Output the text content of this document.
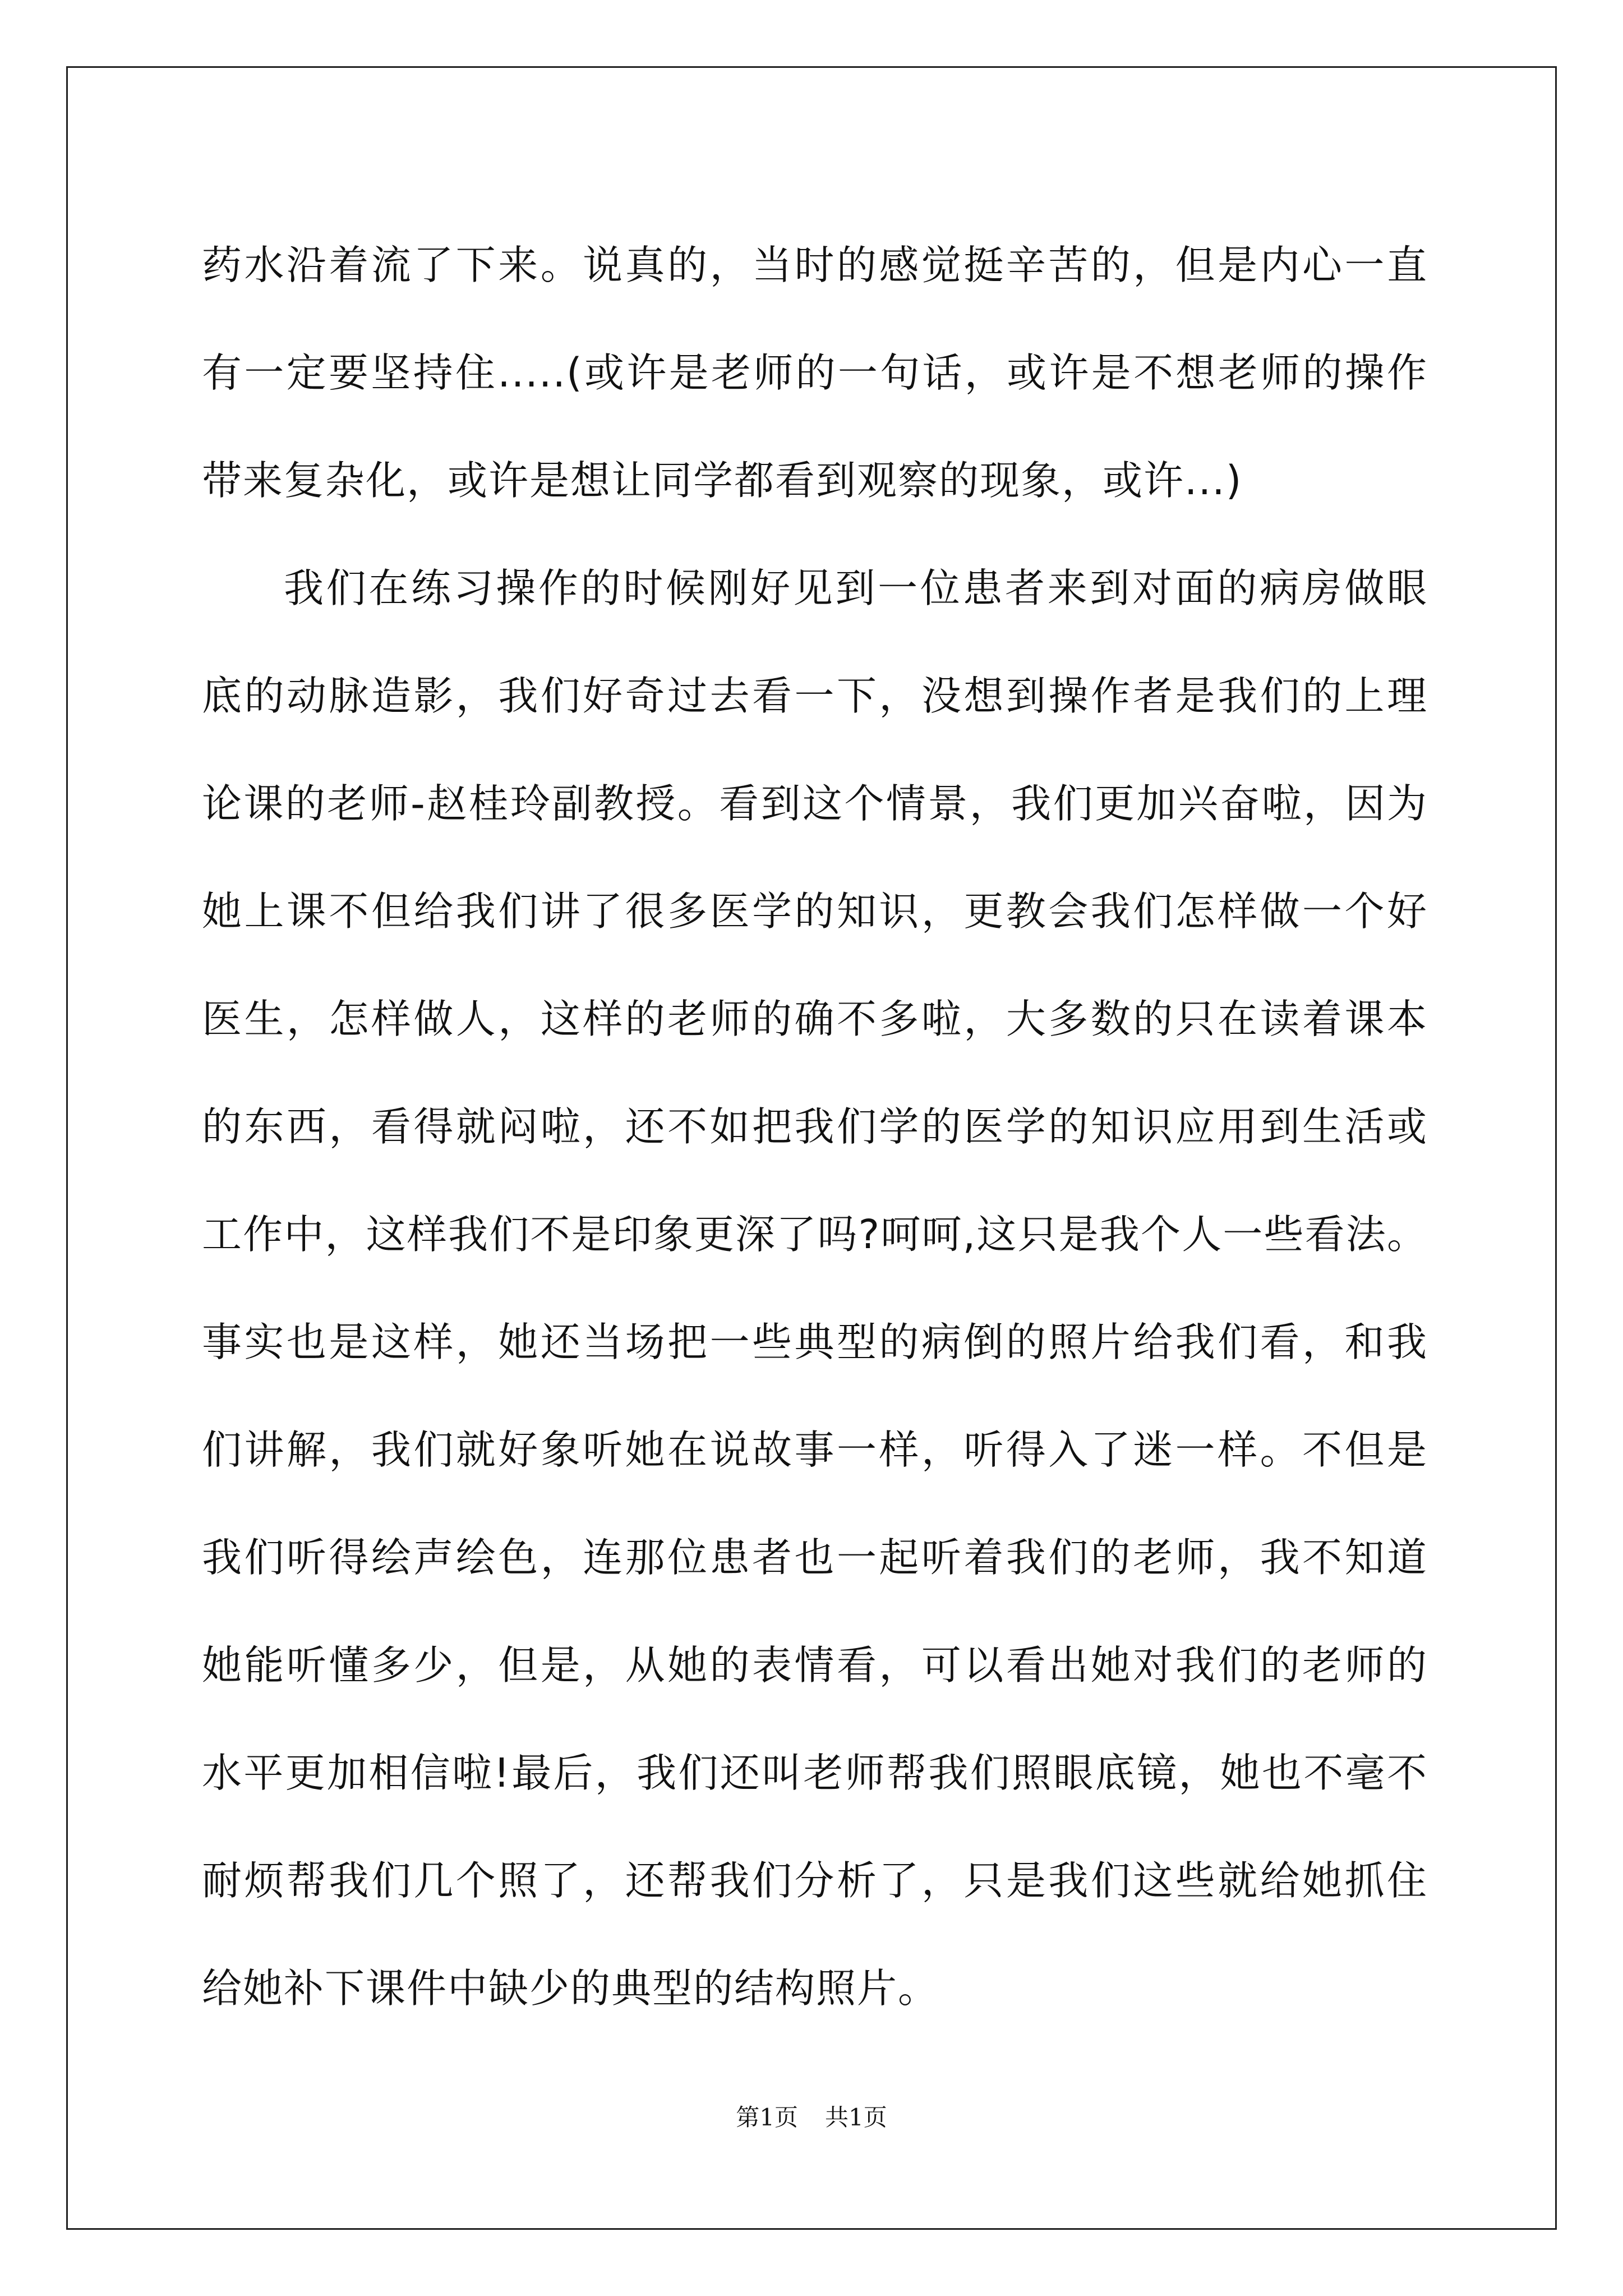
药水沿着流了下来。说真的，当时的感觉挺辛苦的，但是内心一直有一定要坚持住.....(或许是老师的一句话，或许是不想老师的操作带来复杂化，或许是想让同学都看到观察的现象，或许...)

我们在练习操作的时候刚好见到一位患者来到对面的病房做眼底的动脉造影，我们好奇过去看一下，没想到操作者是我们的上理论课的老师-赵桂玲副教授。看到这个情景，我们更加兴奋啦，因为她上课不但给我们讲了很多医学的知识，更教会我们怎样做一个好医生，怎样做人，这样的老师的确不多啦，大多数的只在读着课本的东西，看得就闷啦，还不如把我们学的医学的知识应用到生活或工作中，这样我们不是印象更深了吗?呵呵,这只是我个人一些看法。事实也是这样，她还当场把一些典型的病倒的照片给我们看，和我们讲解，我们就好象听她在说故事一样，听得入了迷一样。不但是我们听得绘声绘色，连那位患者也一起听着我们的老师，我不知道她能听懂多少，但是，从她的表情看，可以看出她对我们的老师的水平更加相信啦!最后，我们还叫老师帮我们照眼底镜，她也不毫不耐烦帮我们几个照了，还帮我们分析了，只是我们这些就给她抓住给她补下课件中缺少的典型的结构照片。

第1页 共1页
